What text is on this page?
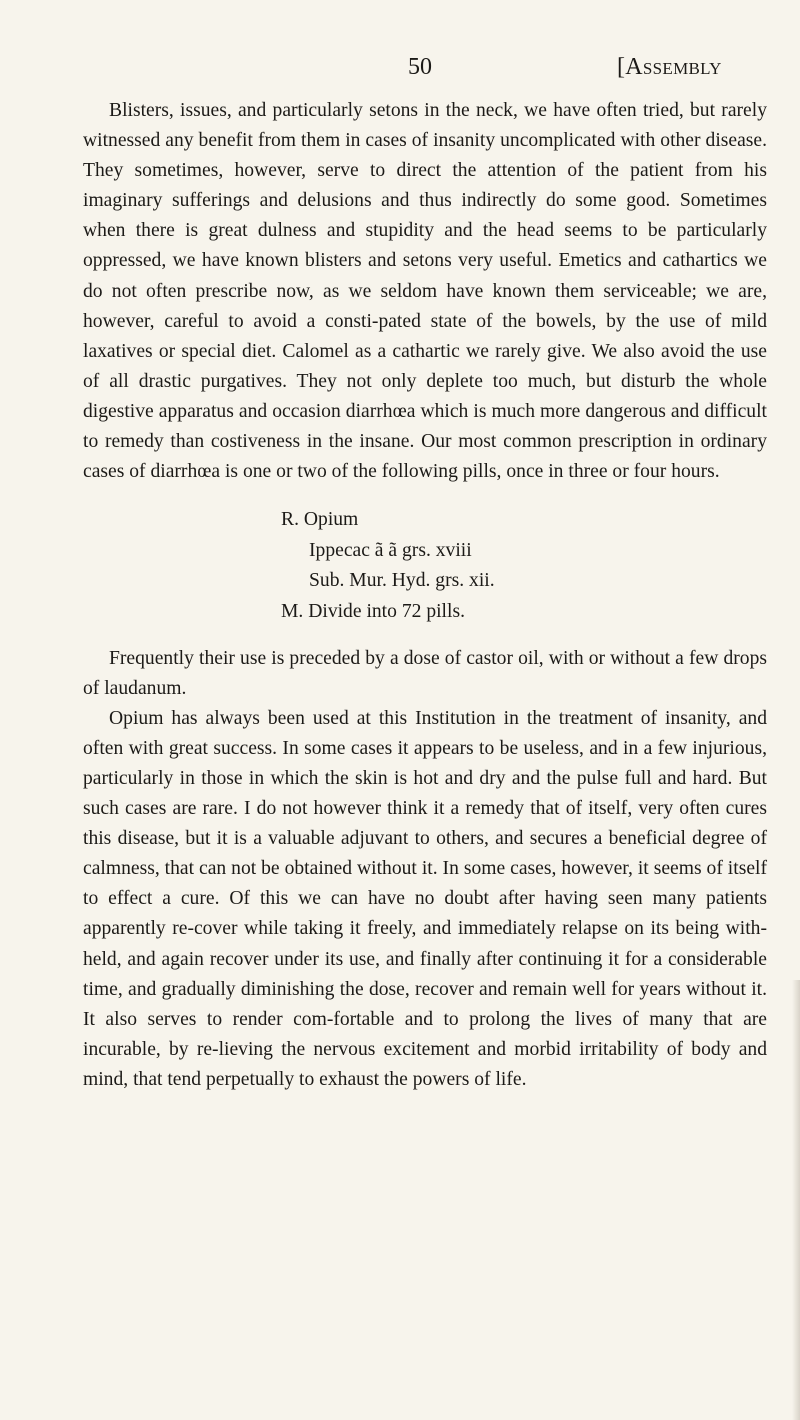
50	[Assembly

Blisters, issues, and particularly setons in the neck, we have often tried, but rarely witnessed any benefit from them in cases of insanity uncomplicated with other disease. They sometimes, however, serve to direct the attention of the patient from his imaginary sufferings and delusions and thus indirectly do some good. Sometimes when there is great dulness and stupidity and the head seems to be particularly oppressed, we have known blisters and setons very useful. Emetics and cathartics we do not often prescribe now, as we seldom have known them serviceable; we are, however, careful to avoid a consti-pated state of the bowels, by the use of mild laxatives or special diet. Calomel as a cathartic we rarely give. We also avoid the use of all drastic purgatives. They not only deplete too much, but disturb the whole digestive apparatus and occasion diarrhœa which is much more dangerous and difficult to remedy than costiveness in the insane. Our most common prescription in ordinary cases of diarrhœa is one or two of the following pills, once in three or four hours.

R. Opium
Ippecac ã ã grs. xviii
Sub. Mur. Hyd. grs. xii.
M. Divide into 72 pills.

Frequently their use is preceded by a dose of castor oil, with or without a few drops of laudanum.

Opium has always been used at this Institution in the treatment of insanity, and often with great success. In some cases it appears to be useless, and in a few injurious, particularly in those in which the skin is hot and dry and the pulse full and hard. But such cases are rare. I do not however think it a remedy that of itself, very often cures this disease, but it is a valuable adjuvant to others, and secures a beneficial degree of calmness, that can not be obtained without it. In some cases, however, it seems of itself to effect a cure. Of this we can have no doubt after having seen many patients apparently re-cover while taking it freely, and immediately relapse on its being with-held, and again recover under its use, and finally after continuing it for a considerable time, and gradually diminishing the dose, recover and remain well for years without it. It also serves to render com-fortable and to prolong the lives of many that are incurable, by re-lieving the nervous excitement and morbid irritability of body and mind, that tend perpetually to exhaust the powers of life.
